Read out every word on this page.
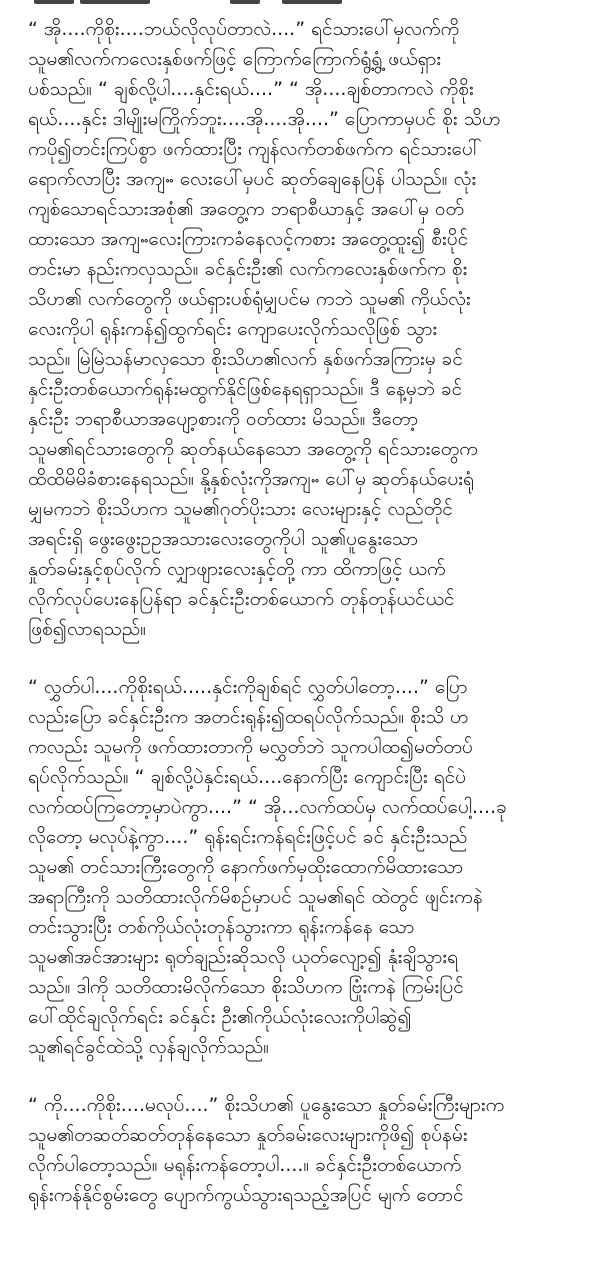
“ အို....ကိုစိုး....ဘယ်လိုလုပ်တာလဲ....” ရင်သားပေါ်မှလက်ကို
သူမ၏လက်ကလေးနှစ်ဖက်ဖြင့် ကြောက်ကြောက်ရွံ့ရွံ့ ဖယ်ရှား
ပစ်သည်။ “ ချစ်လို့ပါ....နှင်းရယ်....” “ အို....ချစ်တာကလဲ ကိုစိုး
ရယ်....နှင်း ဒါမျိုးမကြိုက်ဘူး....အို....အို....” ပြောကာမှပင် စိုး သိဟ
ကပို၍တင်းကြပ်စွာ ဖက်ထားပြီး ကျန်လက်တစ်ဖက်က ရင်သားပေါ်
ရောက်လာပြီး အကျႌ လေးပေါ်မှပင် ဆုတ်ချေနေပြန် ပါသည်။ လုံး
ကျစ်သောရင်သားအစုံ၏ အတွေ့က ဘရာစီယာနှင့် အပေါ်မှ ဝတ်
ထားသော အကျႌလေးကြားကခံနေလင့်ကစား အတွေ့ထူး၍ စီးပိုင်
တင်းမာ နည်းကလှသည်။ ခင်နှင်းဦး၏ လက်ကလေးနှစ်ဖက်က စိုး
သိဟ၏ လက်တွေကို ဖယ်ရှားပစ်ရုံမျှပင်မ ကဘဲ သူမ၏ ကိုယ်လုံး
လေးကိုပါ ရုန်းကန်၍ထွက်ရင်း ကျောပေးလိုက်သလိုဖြစ် သွား
သည်။ မြဲမြဲသန်မာလှသော စိုးသိဟ၏လက် နှစ်ဖက်အကြားမှ ခင်
နှင်းဦးတစ်ယောက်ရုန်းမထွက်နိုင်ဖြစ်နေရရှာသည်။ ဒီ နေ့မှဘဲ ခင်
နှင်းဦး ဘရာစီယာအပျော့စားကို ဝတ်ထား မိသည်။ ဒီတော့
သူမ၏ရင်သားတွေကို ဆုတ်နယ်နေသော အတွေ့ကို ရင်သားတွေက
ထိထိမိမိခံစားနေရသည်။ နို့နှစ်လုံးကိုအကျႌ ပေါ်မှ ဆုတ်နယ်ပေးရုံ
မျှမကဘဲ စိုးသိဟက သူမ၏ဂုတ်ပိုးသား လေးများနှင့် လည်တိုင်
အရင်းရှိ ဖွေးဖွေးဥဥအသားလေးတွေကိုပါ သူ၏ပူနွေးသော
နှုတ်ခမ်းနှင့်စုပ်လိုက် လျှာဖျားလေးနှင့်တို့ ကာ ထိကာဖြင့် ယက်
လိုက်လုပ်ပေးနေပြန်ရာ ခင်နှင်းဦးတစ်ယောက် တုန်တုန်ယင်ယင်
ဖြစ်၍လာရသည်။
“ လွှတ်ပါ....ကိုစိုးရယ်.....နှင်းကိုချစ်ရင် လွှတ်ပါတော့....” ပြော
လည်းပြော ခင်နှင်းဦးက အတင်းရုန်း၍ထရပ်လိုက်သည်။ စိုးသိ ဟ
ကလည်း သူမကို ဖက်ထားတာကို မလွှတ်ဘဲ သူကပါထ၍မတ်တပ်
ရပ်လိုက်သည်။ “ ချစ်လို့ပဲနှင်းရယ်....နောက်ပြီး ကျောင်းပြီး ရင်ပဲ
လက်ထပ်ကြတော့မှာပဲကွာ....” “ အို...လက်ထပ်မှ လက်ထပ်ပေါ့....ခု
လိုတော့ မလုပ်နဲ့ကွာ....” ရုန်းရင်းကန်ရင်းဖြင့်ပင် ခင် နှင်းဦးသည်
သူမ၏ တင်သားကြီးတွေကို နောက်ဖက်မှထိုးထောက်မိထားသော
အရာကြီးကို သတိထားလိုက်မိစဉ်မှာပင် သူမ၏ရင် ထဲတွင် ဖျင်းကနဲ
တင်းသွားပြီး တစ်ကိုယ်လုံးတုန်သွားကာ ရုန်းကန်နေ သော
သူမ၏အင်အားများ ရုတ်ချည်းဆိုသလို ယုတ်လျော့၍ နုံးချိသွားရ
သည်။ ဒါကို သတိထားမိလိုက်သော စိုးသိဟက ဗြုံးကနဲ ကြမ်းပြင်
ပေါ်ထိုင်ချလိုက်ရင်း ခင်နှင်း ဦး၏ကိုယ်လုံးလေးကိုပါဆွဲ၍
သူ၏ရင်ခွင်ထဲသို့ လှန်ချလိုက်သည်။
“ ကို....ကိုစိုး....မလုပ်....” စိုးသိဟ၏ ပူနွေးသော နှုတ်ခမ်းကြီးများက
သူမ၏တဆတ်ဆတ်တုန်နေသော နှုတ်ခမ်းလေးများကိုဖိ၍ စုပ်နမ်း
လိုက်ပါတော့သည်။ မရုန်းကန်တော့ပါ....။ ခင်နှင်းဦးတစ်ယောက်
ရုန်းကန်နိုင်စွမ်းတွေ ပျောက်ကွယ်သွားရသည့်အပြင် မျက် တောင်
